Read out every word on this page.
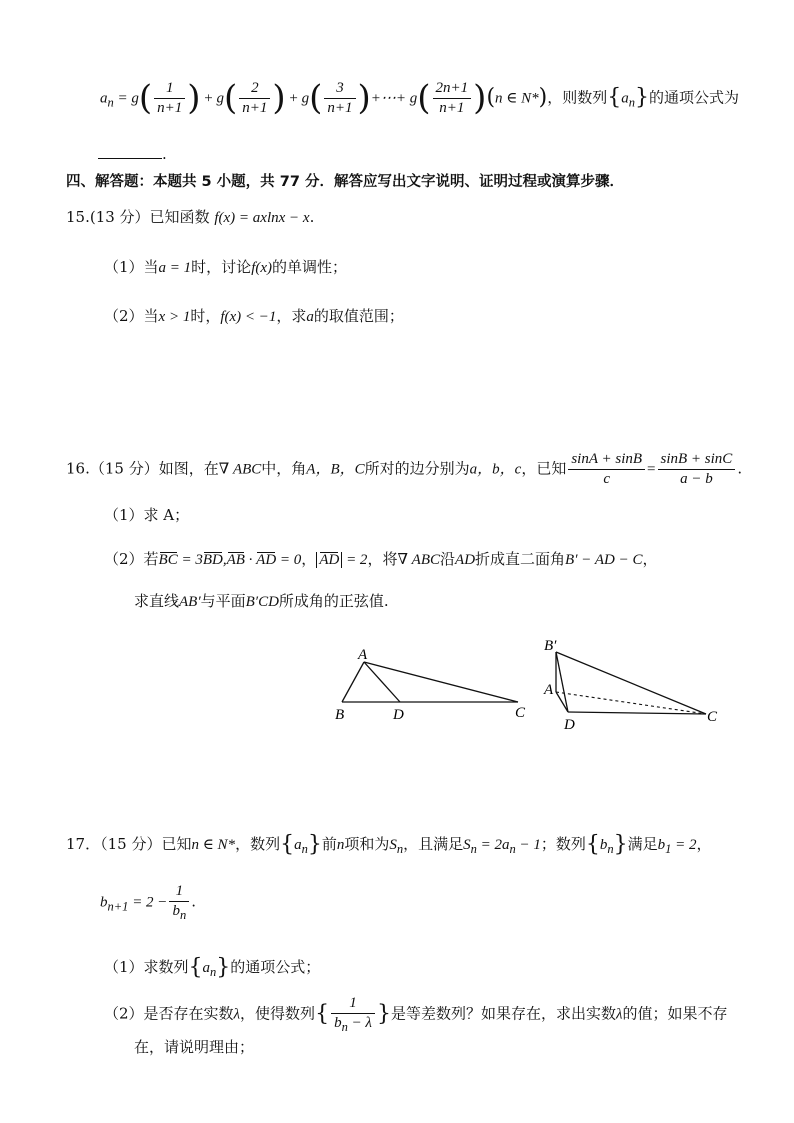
$a_n = g( \frac{1}{n+1}$ ) + $g( \frac{2}{n+1}$ ) + $g( \frac{3}{n+1}$ )+⋯+ $g( \frac{2n+1}{n+1} )(n$ ∈ N*)，则数列$\{a_n\}$的通项公式为
.
四、解答题：本题共 5 小题，共 77 分．解答应写出文字说明、证明过程或演算步骤．
15.(13 分）已知函数 f(x) = axlnx − x.
（1）当a = 1时，讨论f(x)的单调性；
（2）当x > 1时，f(x) < −1，求a的取值范围；
16.（15 分）如图，在∇ ABC中，角A，B，C所对的边分别为a，b，c，已知 $\frac{\sin A + \sin B}{c} = \frac{\sin B + \sin C}{a - b}$ .
（1）求 A；
（2）若BC = 3BD,AB · AD = 0， AD = 2，将∇ ABC沿AD折成直二面角B′ − AD − C，
求直线AB′与平面B′CD所成角的正弦值.
A
B	D	C
B′
A
D	C
17．（15 分）已知n ∈ N*，数列$\{a_n\}$前n项和为$S_n$，且满足$S_n = 2a_n - 1$；数列$\{b_n\}$满足$b_1 = 2$，
$b_{n+1} = 2 - \frac{1}{b_n}$ .
（1）求数列$\{a_n\}$的通项公式；
（2）是否存在实数λ，使得数列{ $\frac{1}{b_n - \lambda}$ }是等差数列？如果存在，求出实数λ的值；如果不存
在，请说明理由；
